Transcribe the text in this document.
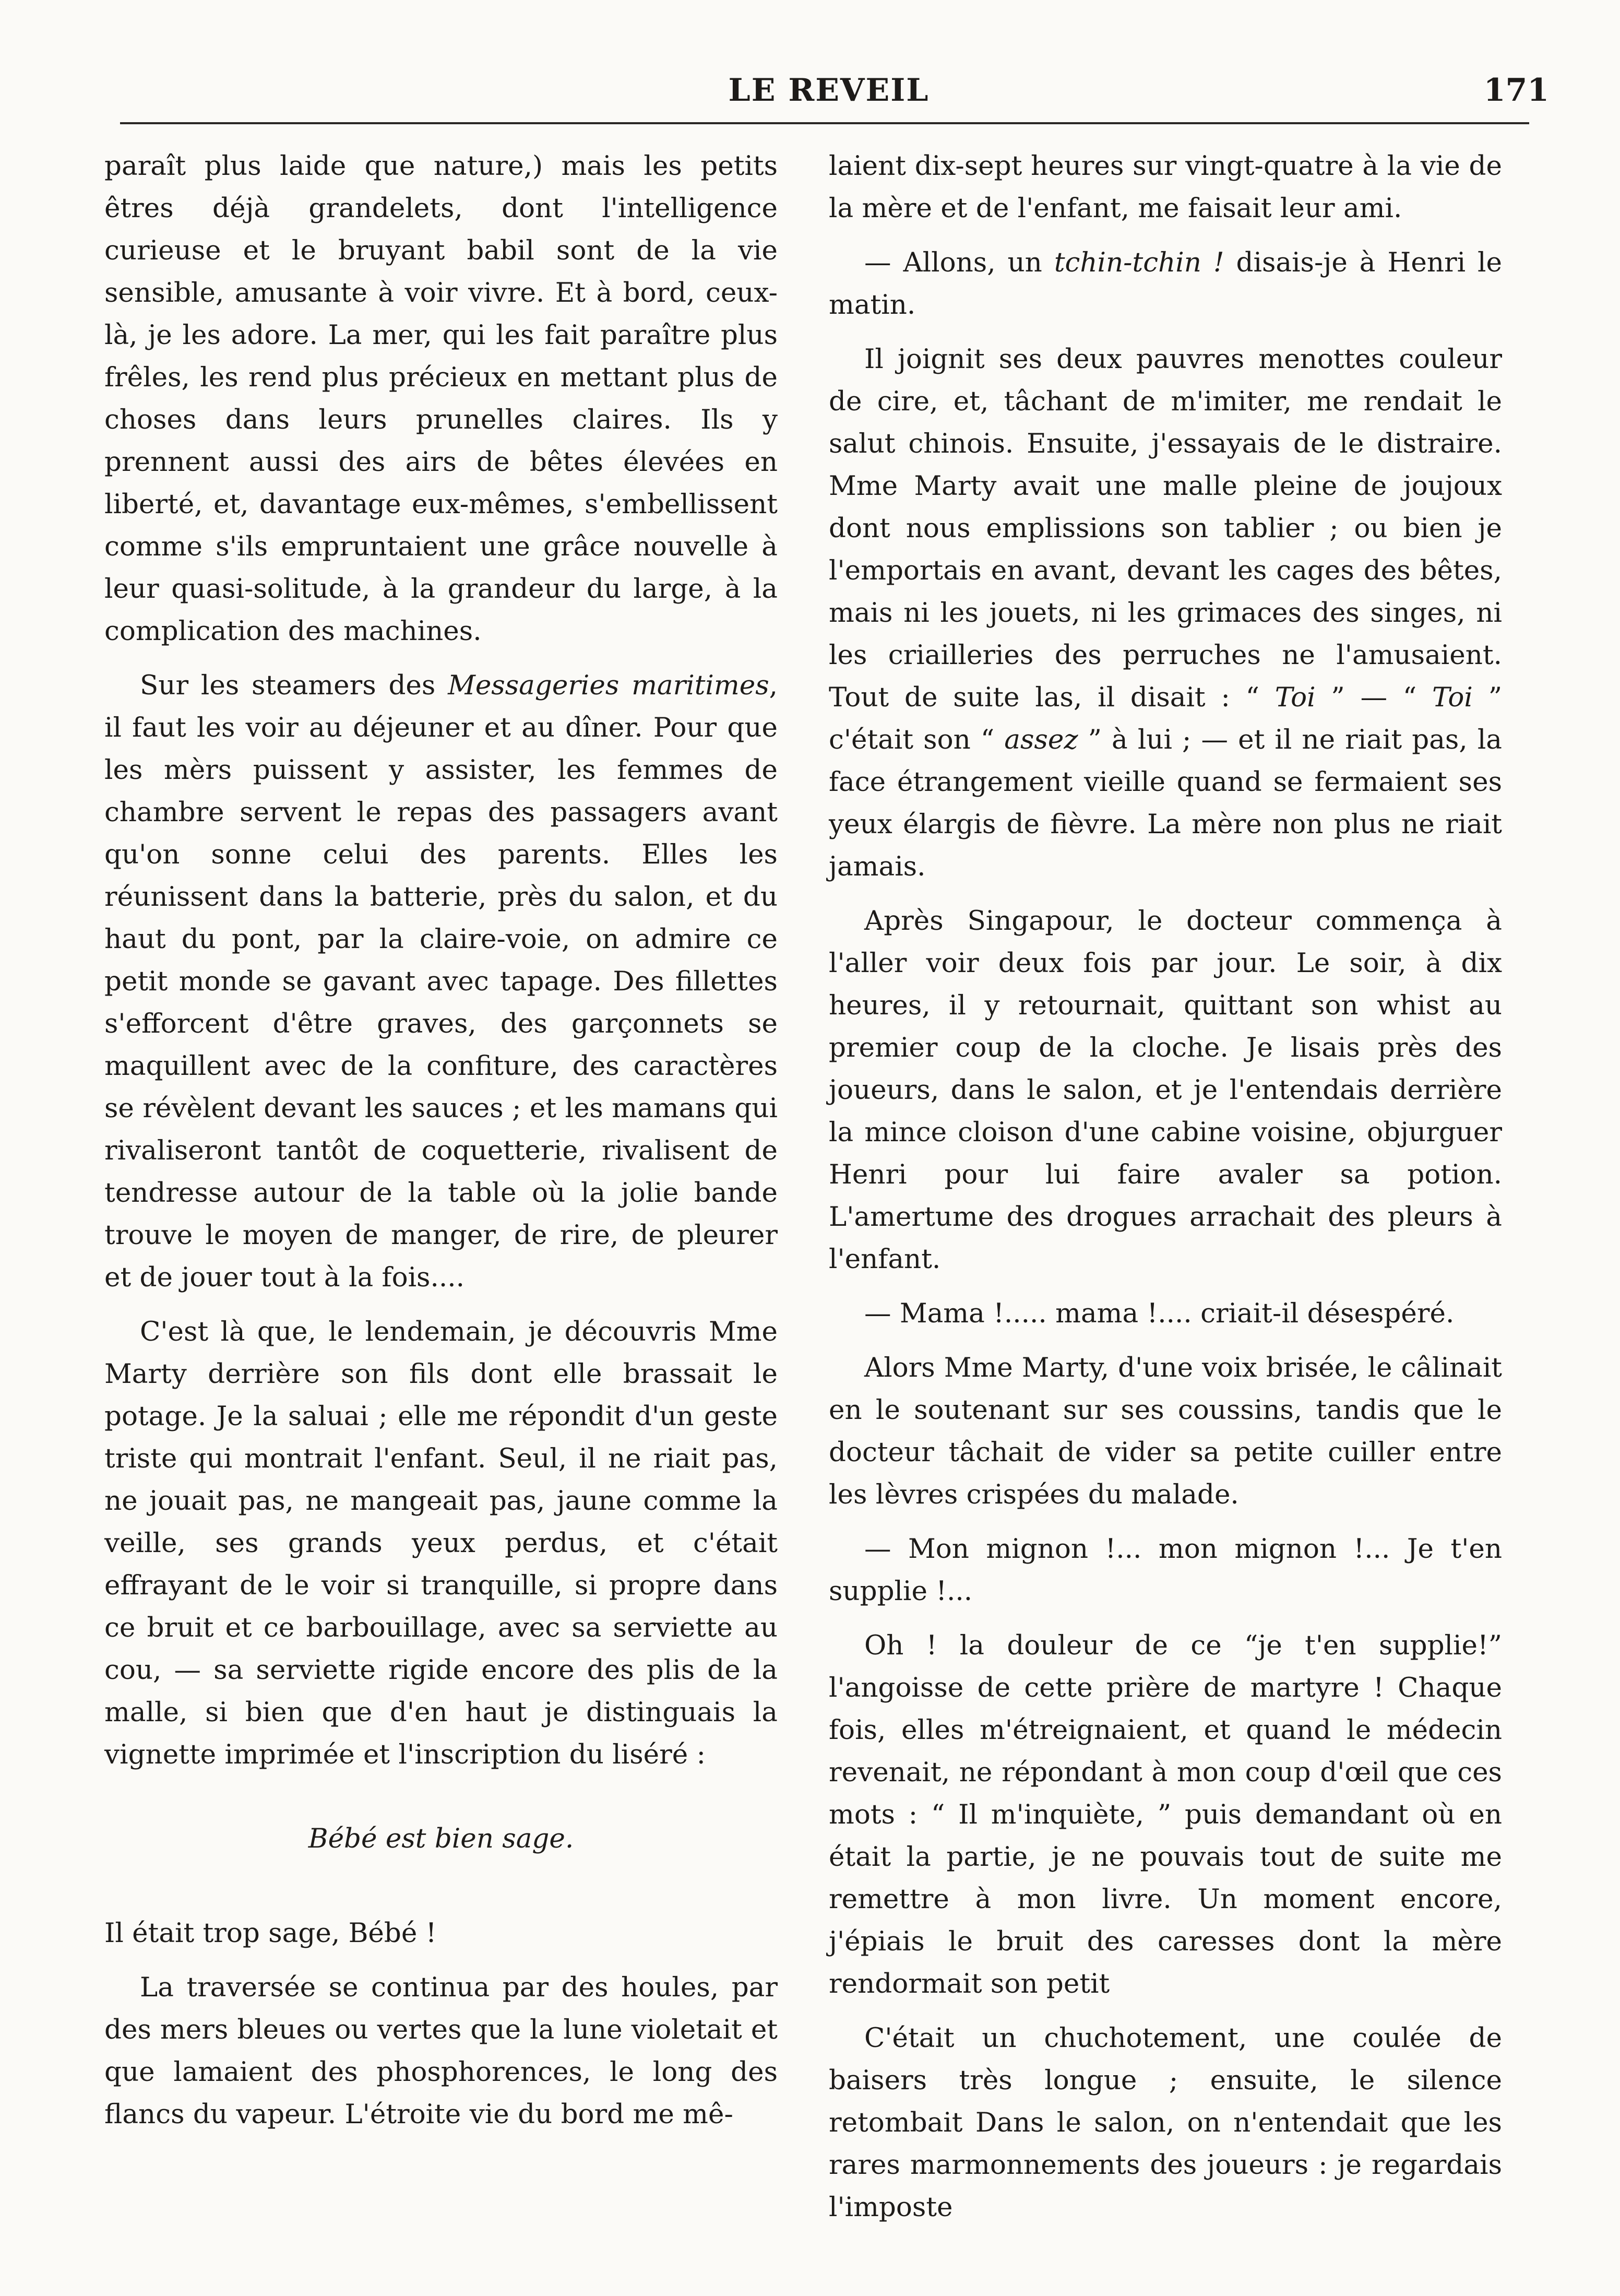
LE REVEIL	171

paraît plus laide que nature,) mais les petits êtres déjà grandelets, dont l'intelligence curieuse et le bruyant babil sont de la vie sensible, amusante à voir vivre. Et à bord, ceux-là, je les adore. La mer, qui les fait paraître plus frêles, les rend plus précieux en mettant plus de choses dans leurs prunelles claires. Ils y prennent aussi des airs de bêtes élevées en liberté, et, davantage eux-mêmes, s'embellissent comme s'ils empruntaient une grâce nouvelle à leur quasi-solitude, à la grandeur du large, à la complication des machines.

Sur les steamers des Messageries maritimes, il faut les voir au déjeuner et au dîner. Pour que les mèrs puissent y assister, les femmes de chambre servent le repas des passagers avant qu'on sonne celui des parents. Elles les réunissent dans la batterie, près du salon, et du haut du pont, par la claire-voie, on admire ce petit monde se gavant avec tapage. Des fillettes s'efforcent d'être graves, des garçonnets se maquillent avec de la confiture, des caractères se révèlent devant les sauces ; et les mamans qui rivaliseront tantôt de coquetterie, rivalisent de tendresse autour de la table où la jolie bande trouve le moyen de manger, de rire, de pleurer et de jouer tout à la fois....

C'est là que, le lendemain, je découvris Mme Marty derrière son fils dont elle brassait le potage. Je la saluai ; elle me répondit d'un geste triste qui montrait l'enfant. Seul, il ne riait pas, ne jouait pas, ne mangeait pas, jaune comme la veille, ses grands yeux perdus, et c'était effrayant de le voir si tranquille, si propre dans ce bruit et ce barbouillage, avec sa serviette au cou, — sa serviette rigide encore des plis de la malle, si bien que d'en haut je distinguais la vignette imprimée et l'inscription du liséré :

Bébé est bien sage.

Il était trop sage, Bébé !

La traversée se continua par des houles, par des mers bleues ou vertes que la lune violetait et que lamaient des phosphorences, le long des flancs du vapeur. L'étroite vie du bord me mê-

laient dix-sept heures sur vingt-quatre à la vie de la mère et de l'enfant, me faisait leur ami.

— Allons, un tchin-tchin ! disais-je à Henri le matin.

Il joignit ses deux pauvres menottes couleur de cire, et, tâchant de m'imiter, me rendait le salut chinois. Ensuite, j'essayais de le distraire. Mme Marty avait une malle pleine de joujoux dont nous emplissions son tablier ; ou bien je l'emportais en avant, devant les cages des bêtes, mais ni les jouets, ni les grimaces des singes, ni les criailleries des perruches ne l'amusaient. Tout de suite las, il disait : “ Toi ” — “ Toi ” c'était son “ assez ” à lui ; — et il ne riait pas, la face étrangement vieille quand se fermaient ses yeux élargis de fièvre. La mère non plus ne riait jamais.

Après Singapour, le docteur commença à l'aller voir deux fois par jour. Le soir, à dix heures, il y retournait, quittant son whist au premier coup de la cloche. Je lisais près des joueurs, dans le salon, et je l'entendais derrière la mince cloison d'une cabine voisine, objurguer Henri pour lui faire avaler sa potion. L'amertume des drogues arrachait des pleurs à l'enfant.

— Mama !..... mama !.... criait-il désespéré.

Alors Mme Marty, d'une voix brisée, le câlinait en le soutenant sur ses coussins, tandis que le docteur tâchait de vider sa petite cuiller entre les lèvres crispées du malade.

— Mon mignon !... mon mignon !... Je t'en supplie !...

Oh ! la douleur de ce “je t'en supplie!” l'angoisse de cette prière de martyre ! Chaque fois, elles m'étreignaient, et quand le médecin revenait, ne répondant à mon coup d'œil que ces mots : “ Il m'inquiète, ” puis demandant où en était la partie, je ne pouvais tout de suite me remettre à mon livre. Un moment encore, j'épiais le bruit des caresses dont la mère rendormait son petit

C'était un chuchotement, une coulée de baisers très longue ; ensuite, le silence retombait Dans le salon, on n'entendait que les rares marmonnements des joueurs : je regardais l'imposte
